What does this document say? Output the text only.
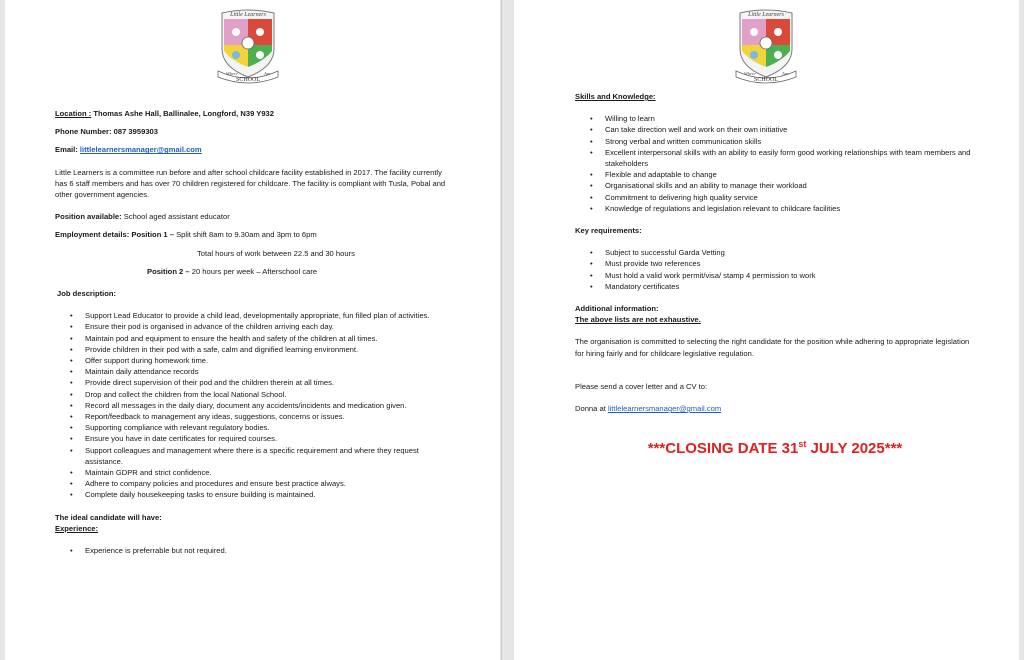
Little Learners
Where
SCHOOL
Are

Location : Thomas Ashe Hall, Ballinalee, Longford, N39 Y932

Phone Number: 087 3959303

Email: littlelearnersmanager@gmail.com

Little Learners is a committee run before and after school childcare facility established in 2017. The facility currently has 6 staff members and has over 70 children registered for childcare. The facility is compliant with Tusla, Pobal and other government agencies.

Position available: School aged assistant educator

Employment details: Position 1 – Split shift 8am to 9.30am and 3pm to 6pm

Total hours of work between 22.5 and 30 hours

Position 2 – 20 hours per week – Afterschool care

Job description:

• Support Lead Educator to provide a child lead, developmentally appropriate, fun filled plan of activities.
• Ensure their pod is organised in advance of the children arriving each day.
• Maintain pod and equipment to ensure the health and safety of the children at all times.
• Provide children in their pod with a safe, calm and dignified learning environment.
• Offer support during homework time.
• Maintain daily attendance records
• Provide direct supervision of their pod and the children therein at all times.
• Drop and collect the children from the local National School.
• Record all messages in the daily diary, document any accidents/incidents and medication given.
• Report/feedback to management any ideas, suggestions, concerns or issues.
• Supporting compliance with relevant regulatory bodies.
• Ensure you have in date certificates for required courses.
• Support colleagues and management where there is a specific requirement and where they request assistance.
• Maintain GDPR and strict confidence.
• Adhere to company policies and procedures and ensure best practice always.
• Complete daily housekeeping tasks to ensure building is maintained.

The ideal candidate will have:

Experience:

• Experience is preferrable but not required.
Little Learners
Where
SCHOOL
Are

Skills and Knowledge:

• Willing to learn
• Can take direction well and work on their own initiative
• Strong verbal and written communication skills
• Excellent interpersonal skills with an ability to easily form good working relationships with team members and stakeholders
• Flexible and adaptable to change
• Organisational skills and an ability to manage their workload
• Commitment to delivering high quality service
• Knowledge of regulations and legislation relevant to childcare facilities

Key requirements:

• Subject to successful Garda Vetting
• Must provide two references
• Must hold a valid work permit/visa/ stamp 4 permission to work
• Mandatory certificates

Additional information:

The above lists are not exhaustive.

The organisation is committed to selecting the right candidate for the position while adhering to appropriate legislation for hiring fairly and for childcare legislative regulation.

Please send a cover letter and a CV to:

Donna at littlelearnersmanager@gmail.com

***CLOSING DATE 31st JULY 2025***
